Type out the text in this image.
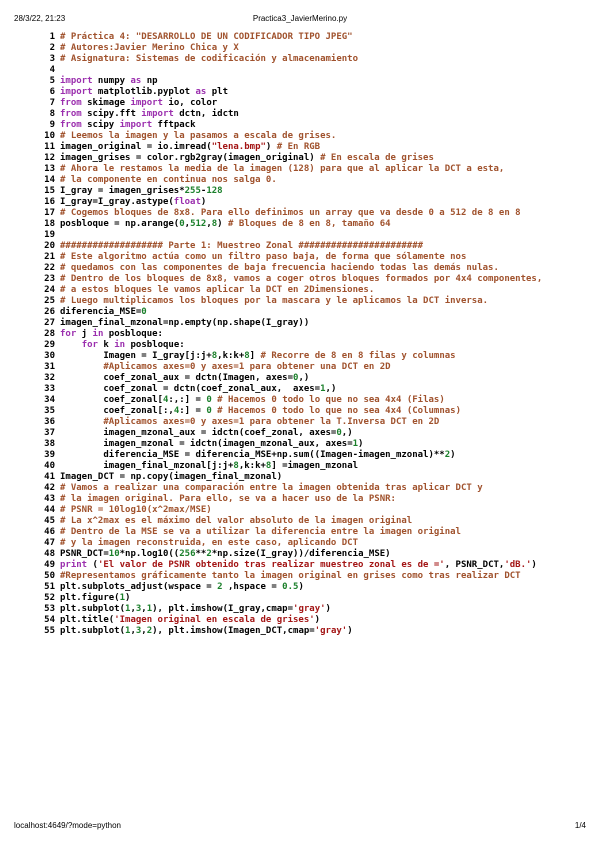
28/3/22, 21:23	Practica3_JavierMerino.py
1 # Práctica 4: "DESARROLLO DE UN CODIFICADOR TIPO JPEG"
2 # Autores:Javier Merino Chica y X
3 # Asignatura: Sistemas de codificación y almacenamiento
4
5 import numpy as np
6 import matplotlib.pyplot as plt
7 from skimage import io, color
8 from scipy.fft import dctn, idctn
9 from scipy import fftpack
10 # Leemos la imagen y la pasamos a escala de grises.
11 imagen_original = io.imread("lena.bmp") # En RGB
12 imagen_grises = color.rgb2gray(imagen_original) # En escala de grises
13 # Ahora le restamos la media de la imagen (128) para que al aplicar la DCT a esta,
14 # la componente en continua nos salga 0.
15 I_gray = imagen_grises*255-128
16 I_gray=I_gray.astype(float)
17 # Cogemos bloques de 8x8. Para ello definimos un array que va desde 0 a 512 de 8 en 8
18 posbloque = np.arange(0,512,8) # Bloques de 8 en 8, tamaño 64
19
20 ################### Parte 1: Muestreo Zonal #######################
21 # Este algoritmo actúa como un filtro paso baja, de forma que sólamente nos
22 # quedamos con las componentes de baja frecuencia haciendo todas las demás nulas.
23 # Dentro de los bloques de 8x8, vamos a coger otros bloques formados por 4x4 componentes,
24 # a estos bloques le vamos aplicar la DCT en 2Dimensiones.
25 # Luego multiplicamos los bloques por la mascara y le aplicamos la DCT inversa.
26 diferencia_MSE=0
27 imagen_final_mzonal=np.empty(np.shape(I_gray))
28 for j in posbloque:
29	for k in posbloque:
30 Imagen = I_gray[j:j+8,k:k+8] # Recorre de 8 en 8 filas y columnas
31 #Aplicamos axes=0 y axes=1 para obtener una DCT en 2D
32 coef_zonal_aux = dctn(Imagen, axes=0,)
33 coef_zonal = dctn(coef_zonal_aux,  axes=1,)
34 coef_zonal[4:,:] = 0 # Hacemos 0 todo lo que no sea 4x4 (Filas)
35 coef_zonal[:,4:] = 0 # Hacemos 0 todo lo que no sea 4x4 (Columnas)
36 #Aplicamos axes=0 y axes=1 para obtener la T.Inversa DCT en 2D
37 imagen_mzonal_aux = idctn(coef_zonal, axes=0,)
38 imagen_mzonal = idctn(imagen_mzonal_aux, axes=1)
39 diferencia_MSE = diferencia_MSE+np.sum((Imagen-imagen_mzonal)**2)
40 imagen_final_mzonal[j:j+8,k:k+8] =imagen_mzonal
41 Imagen_DCT = np.copy(imagen_final_mzonal)
42 # Vamos a realizar una comparación entre la imagen obtenida tras aplicar DCT y
43 # la imagen original. Para ello, se va a hacer uso de la PSNR:
44 # PSNR = 10log10(x^2max/MSE)
45 # La x^2max es el máximo del valor absoluto de la imagen original
46 # Dentro de la MSE se va a utilizar la diferencia entre la imagen original
47 # y la imagen reconstruida, en este caso, aplicando DCT
48 PSNR_DCT=10*np.log10((256**2*np.size(I_gray))/diferencia_MSE)
49 print ('El valor de PSNR obtenido tras realizar muestreo zonal es de =', PSNR_DCT,'dB.')
50 #Representamos gráficamente tanto la imagen original en grises como tras realizar DCT
51 plt.subplots_adjust(wspace = 2 ,hspace = 0.5)
52 plt.figure(1)
53 plt.subplot(1,3,1), plt.imshow(I_gray,cmap='gray')
54 plt.title('Imagen original en escala de grises')
55 plt.subplot(1,3,2), plt.imshow(Imagen_DCT,cmap='gray')
localhost:4649/?mode=python	1/4
